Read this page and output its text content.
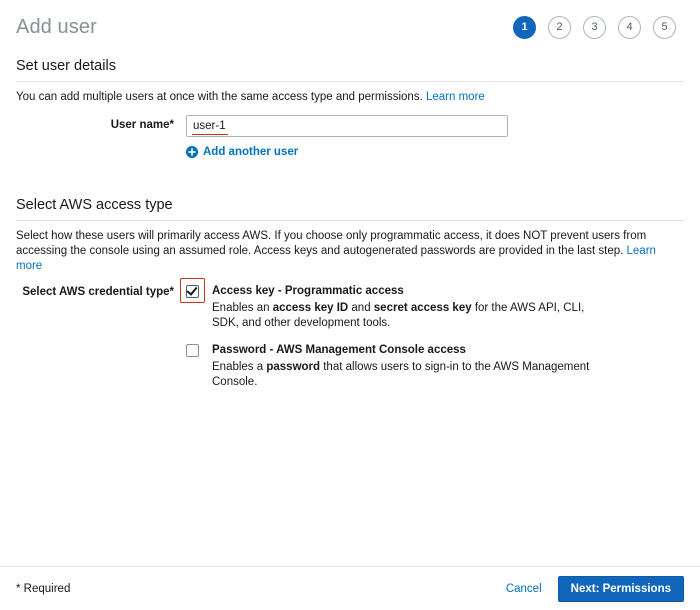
Add user	1	2	3	4	5
Set user details

You can add multiple users at once with the same access type and permissions. Learn more

User name*
user-1
Add another user
Select AWS access type

Select how these users will primarily access AWS. If you choose only programmatic access, it does NOT prevent users from accessing the console using an assumed role. Access keys and autogenerated passwords are provided in the last step. Learn more

Select AWS credential type*	Access key - Programmatic access
Enables an access key ID and secret access key for the AWS API, CLI, SDK, and other development tools.
Password - AWS Management Console access
Enables a password that allows users to sign-in to the AWS Management Console.
* Required	Cancel	Next: Permissions
